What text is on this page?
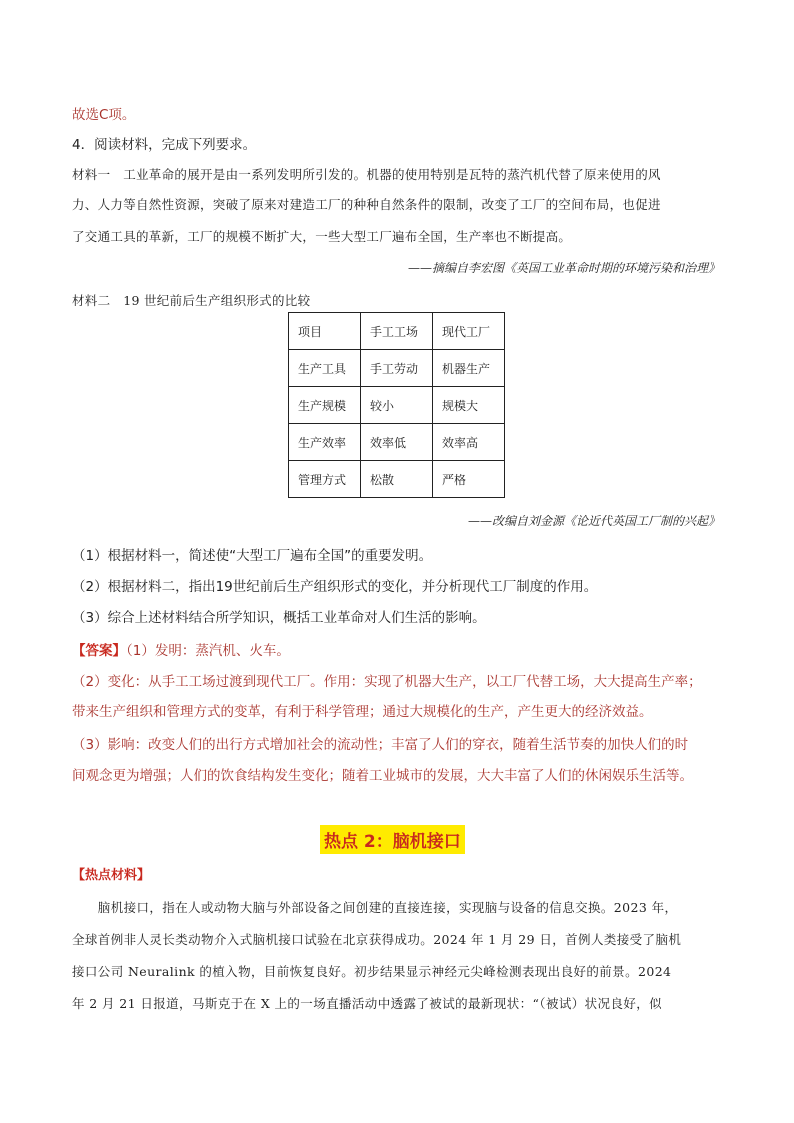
故选C项。
4．阅读材料，完成下列要求。
材料一　工业革命的展开是由一系列发明所引发的。机器的使用特别是瓦特的蒸汽机代替了原来使用的风
力、人力等自然性资源，突破了原来对建造工厂的种种自然条件的限制，改变了工厂的空间布局，也促进
了交通工具的革新，工厂的规模不断扩大，一些大型工厂遍布全国，生产率也不断提高。
——摘编自李宏图《英国工业革命时期的环境污染和治理》
材料二　19 世纪前后生产组织形式的比较
项目	手工工场	现代工厂
生产工具	手工劳动	机器生产
生产规模	较小	规模大
生产效率	效率低	效率高
管理方式	松散	严格
——改编自刘金源《论近代英国工厂制的兴起》
（1）根据材料一，简述使“大型工厂遍布全国”的重要发明。
（2）根据材料二，指出19世纪前后生产组织形式的变化，并分析现代工厂制度的作用。
（3）综合上述材料结合所学知识，概括工业革命对人们生活的影响。
【答案】（1）发明：蒸汽机、火车。
（2）变化：从手工工场过渡到现代工厂。作用：实现了机器大生产，以工厂代替工场，大大提高生产率；
带来生产组织和管理方式的变革，有利于科学管理；通过大规模化的生产，产生更大的经济效益。
（3）影响：改变人们的出行方式增加社会的流动性；丰富了人们的穿衣，随着生活节奏的加快人们的时
间观念更为增强；人们的饮食结构发生变化；随着工业城市的发展，大大丰富了人们的休闲娱乐生活等。
热点 2：脑机接口
【热点材料】
　　脑机接口，指在人或动物大脑与外部设备之间创建的直接连接，实现脑与设备的信息交换。2023 年，
全球首例非人灵长类动物介入式脑机接口试验在北京获得成功。2024 年 1 月 29 日，首例人类接受了脑机
接口公司 Neuralink 的植入物，目前恢复良好。初步结果显示神经元尖峰检测表现出良好的前景。2024
年 2 月 21 日报道，马斯克于在 X 上的一场直播活动中透露了被试的最新现状：“（被试）状况良好，似
